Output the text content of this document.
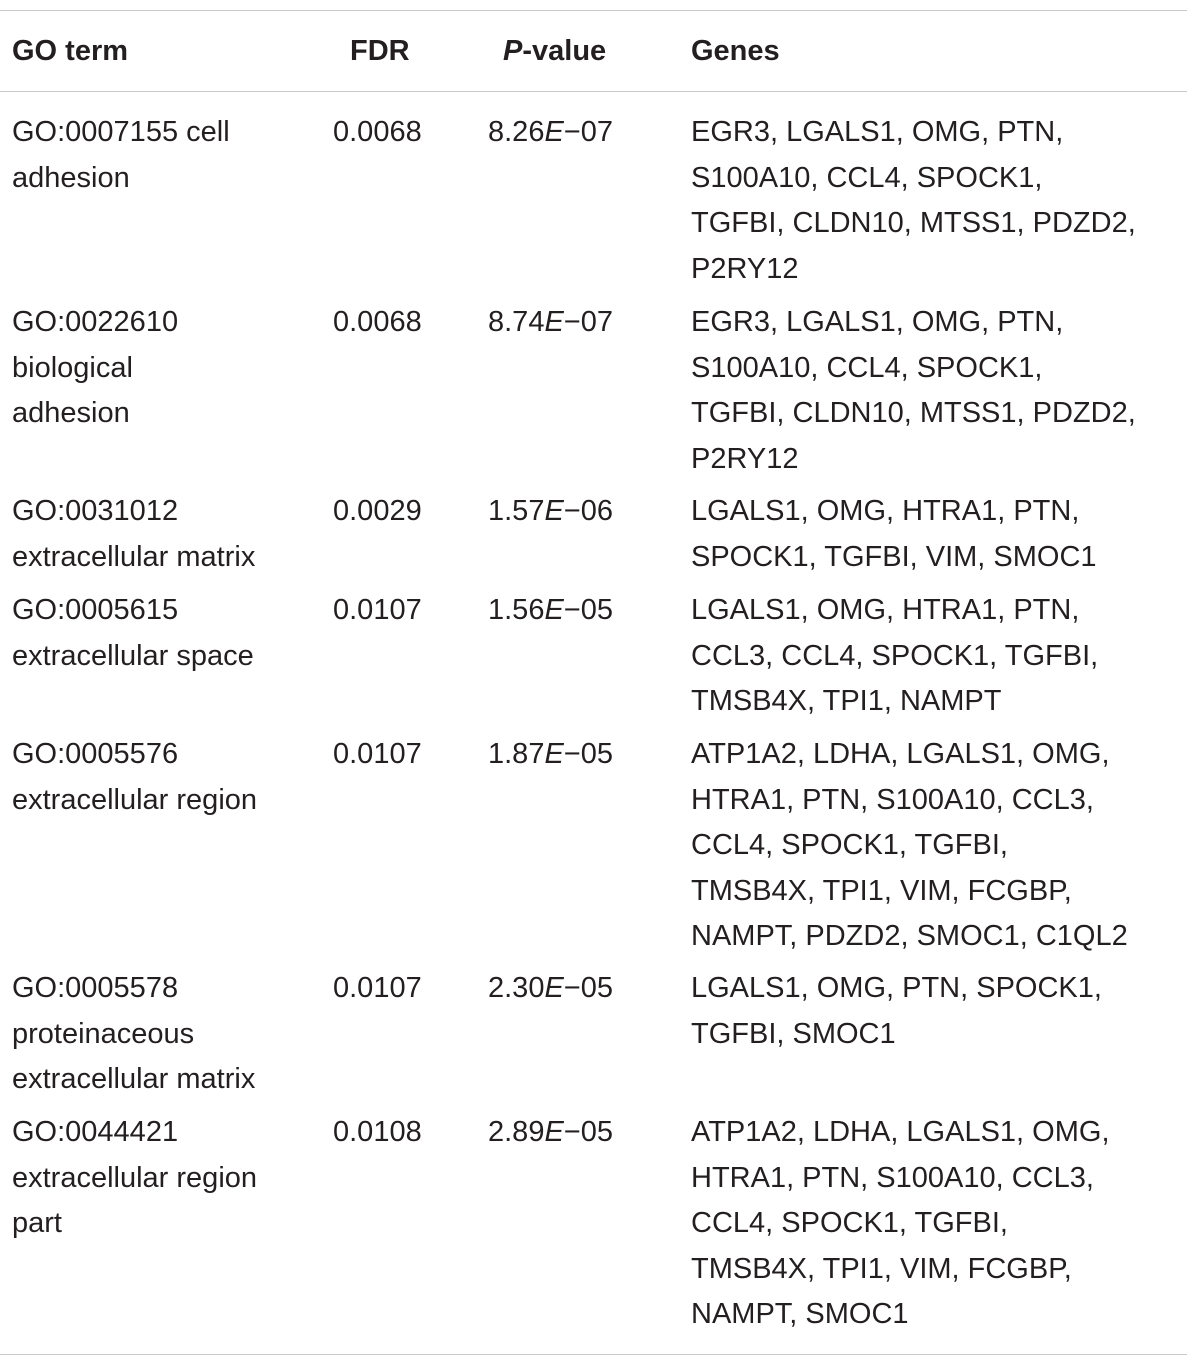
GO term	FDR	P-value	Genes
GO:0007155 cell
adhesion
0.0068 8.26E−07	EGR3, LGALS1, OMG, PTN,
S100A10, CCL4, SPOCK1,
TGFBI, CLDN10, MTSS1, PDZD2,
P2RY12
GO:0022610
biological
adhesion
0.0068 8.74E−07	EGR3, LGALS1, OMG, PTN,
S100A10, CCL4, SPOCK1,
TGFBI, CLDN10, MTSS1, PDZD2,
P2RY12
GO:0031012
extracellular matrix
0.0029 1.57E−06	LGALS1, OMG, HTRA1, PTN,
SPOCK1, TGFBI, VIM, SMOC1
GO:0005615
extracellular space
0.0107 1.56E−05	LGALS1, OMG, HTRA1, PTN,
CCL3, CCL4, SPOCK1, TGFBI,
TMSB4X, TPI1, NAMPT
GO:0005576
extracellular region
0.0107 1.87E−05	ATP1A2, LDHA, LGALS1, OMG,
HTRA1, PTN, S100A10, CCL3,
CCL4, SPOCK1, TGFBI,
TMSB4X, TPI1, VIM, FCGBP,
NAMPT, PDZD2, SMOC1, C1QL2
GO:0005578
proteinaceous
extracellular matrix
0.0107 2.30E−05	LGALS1, OMG, PTN, SPOCK1,
TGFBI, SMOC1
GO:0044421
extracellular region
part
0.0108 2.89E−05	ATP1A2, LDHA, LGALS1, OMG,
HTRA1, PTN, S100A10, CCL3,
CCL4, SPOCK1, TGFBI,
TMSB4X, TPI1, VIM, FCGBP,
NAMPT, SMOC1
